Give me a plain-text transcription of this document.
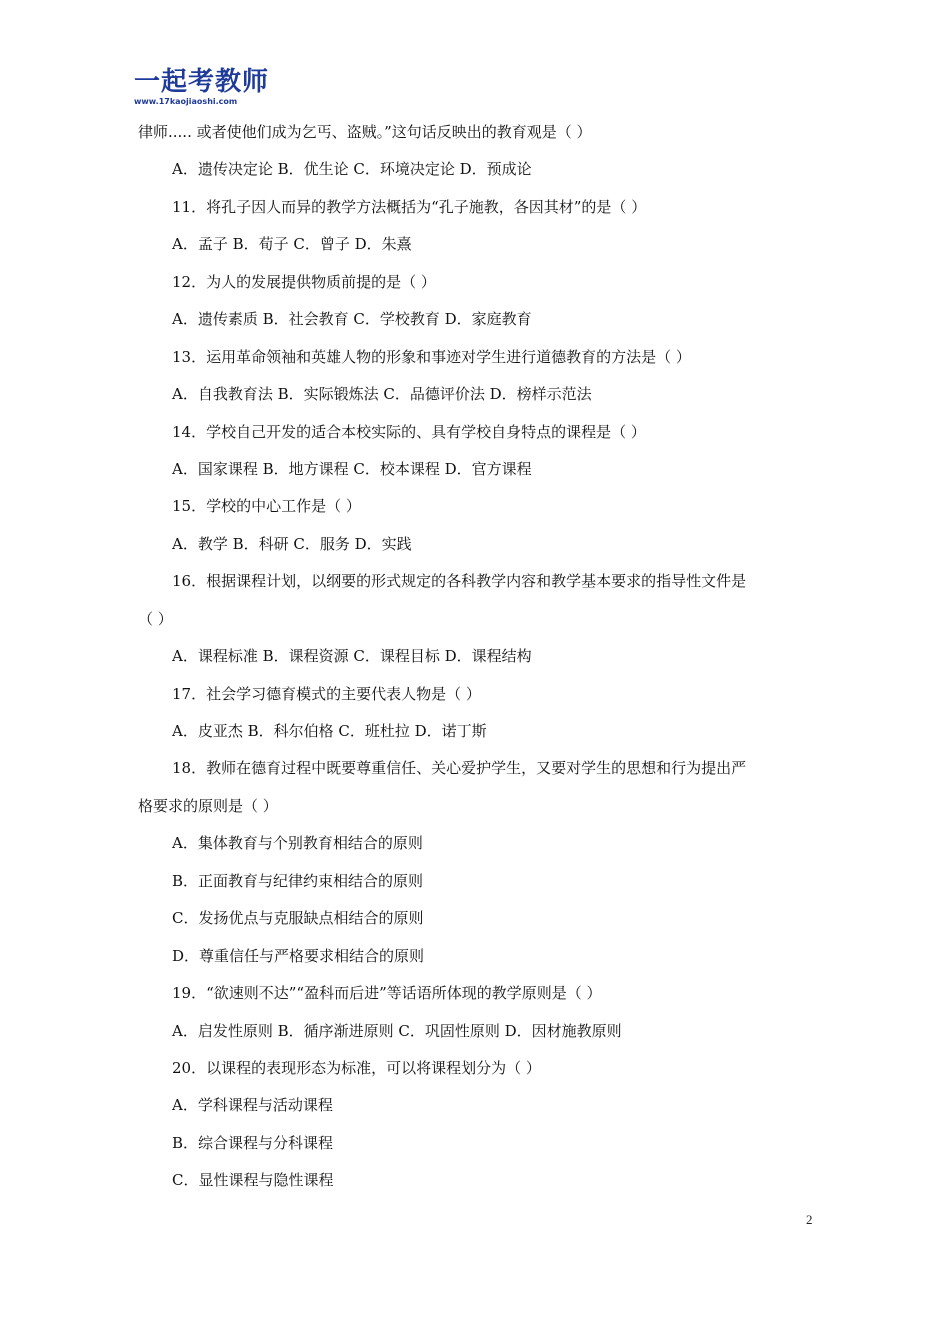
一起考教师
www.17kaojiaoshi.com
律师..... 或者使他们成为乞丐、盗贼。”这句话反映出的教育观是（ ）
A．遗传决定论 B．优生论 C．环境决定论 D．预成论
11．将孔子因人而异的教学方法概括为“孔子施教，各因其材”的是（ ）
A．孟子 B．荀子 C．曾子 D．朱熹
12．为人的发展提供物质前提的是（ ）
A．遗传素质 B．社会教育 C．学校教育 D．家庭教育
13．运用革命领袖和英雄人物的形象和事迹对学生进行道德教育的方法是（ ）
A．自我教育法 B．实际锻炼法 C．品德评价法 D．榜样示范法
14．学校自己开发的适合本校实际的、具有学校自身特点的课程是（ ）
A．国家课程 B．地方课程 C．校本课程 D．官方课程
15．学校的中心工作是（ ）
A．教学 B．科研 C．服务 D．实践
16．根据课程计划，以纲要的形式规定的各科教学内容和教学基本要求的指导性文件是
（ ）
A．课程标准 B．课程资源 C．课程目标 D．课程结构
17．社会学习德育模式的主要代表人物是（ ）
A．皮亚杰 B．科尔伯格 C．班杜拉 D．诺丁斯
18．教师在德育过程中既要尊重信任、关心爱护学生，又要对学生的思想和行为提出严
格要求的原则是（ ）
A．集体教育与个别教育相结合的原则
B．正面教育与纪律约束相结合的原则
C．发扬优点与克服缺点相结合的原则
D．尊重信任与严格要求相结合的原则
19．“欲速则不达”“盈科而后进”等话语所体现的教学原则是（ ）
A．启发性原则 B．循序渐进原则 C．巩固性原则 D．因材施教原则
20．以课程的表现形态为标准，可以将课程划分为（ ）
A．学科课程与活动课程
B．综合课程与分科课程
C．显性课程与隐性课程
2
